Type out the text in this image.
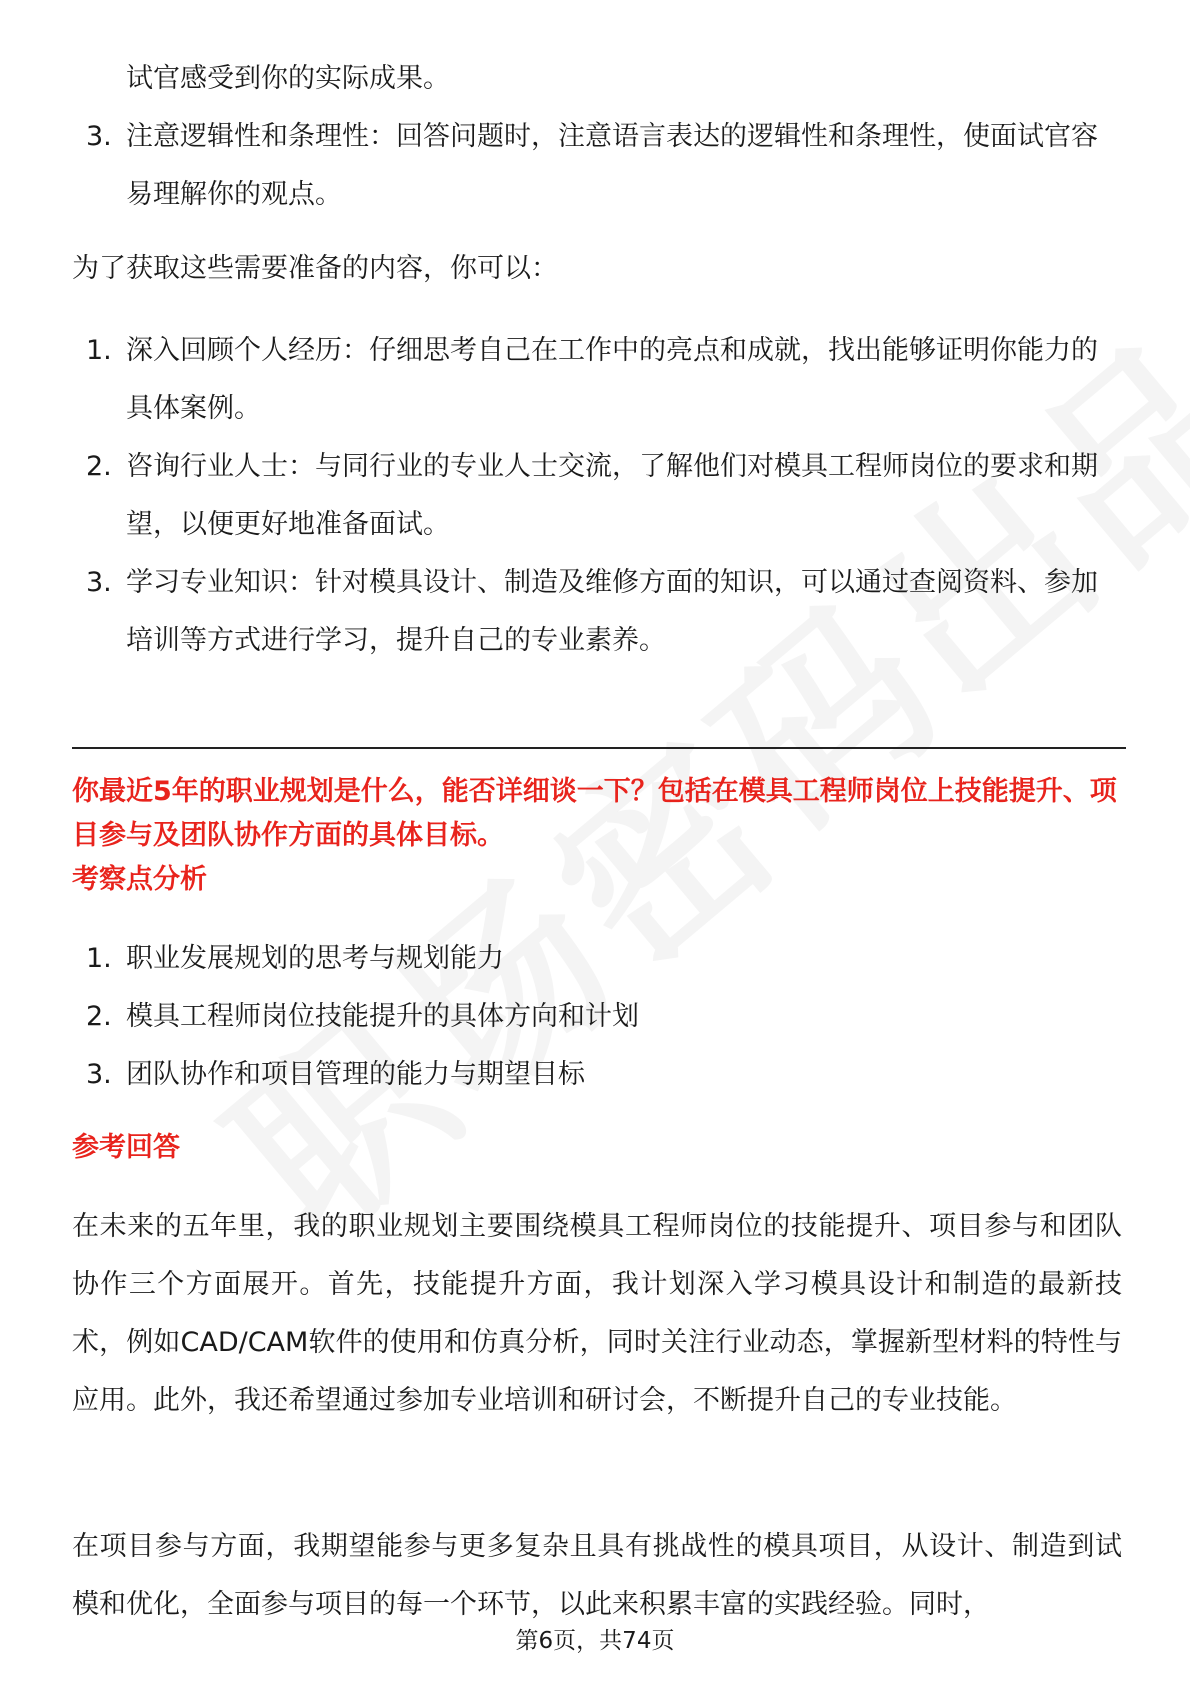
试官感受到你的实际成果。
3. 注意逻辑性和条理性：回答问题时，注意语言表达的逻辑性和条理性，使面试官容易理解你的观点。
为了获取这些需要准备的内容，你可以：
1. 深入回顾个人经历：仔细思考自己在工作中的亮点和成就，找出能够证明你能力的具体案例。
2. 咨询行业人士：与同行业的专业人士交流，了解他们对模具工程师岗位的要求和期望，以便更好地准备面试。
3. 学习专业知识：针对模具设计、制造及维修方面的知识，可以通过查阅资料、参加培训等方式进行学习，提升自己的专业素养。
你最近5年的职业规划是什么，能否详细谈一下？包括在模具工程师岗位上技能提升、项目参与及团队协作方面的具体目标。
考察点分析
1. 职业发展规划的思考与规划能力
2. 模具工程师岗位技能提升的具体方向和计划
3. 团队协作和项目管理的能力与期望目标
参考回答
在未来的五年里，我的职业规划主要围绕模具工程师岗位的技能提升、项目参与和团队协作三个方面展开。首先，技能提升方面，我计划深入学习模具设计和制造的最新技术，例如CAD/CAM软件的使用和仿真分析，同时关注行业动态，掌握新型材料的特性与应用。此外，我还希望通过参加专业培训和研讨会，不断提升自己的专业技能。
在项目参与方面，我期望能参与更多复杂且具有挑战性的模具项目，从设计、制造到试模和优化，全面参与项目的每一个环节，以此来积累丰富的实践经验。同时，
第6页，共74页
